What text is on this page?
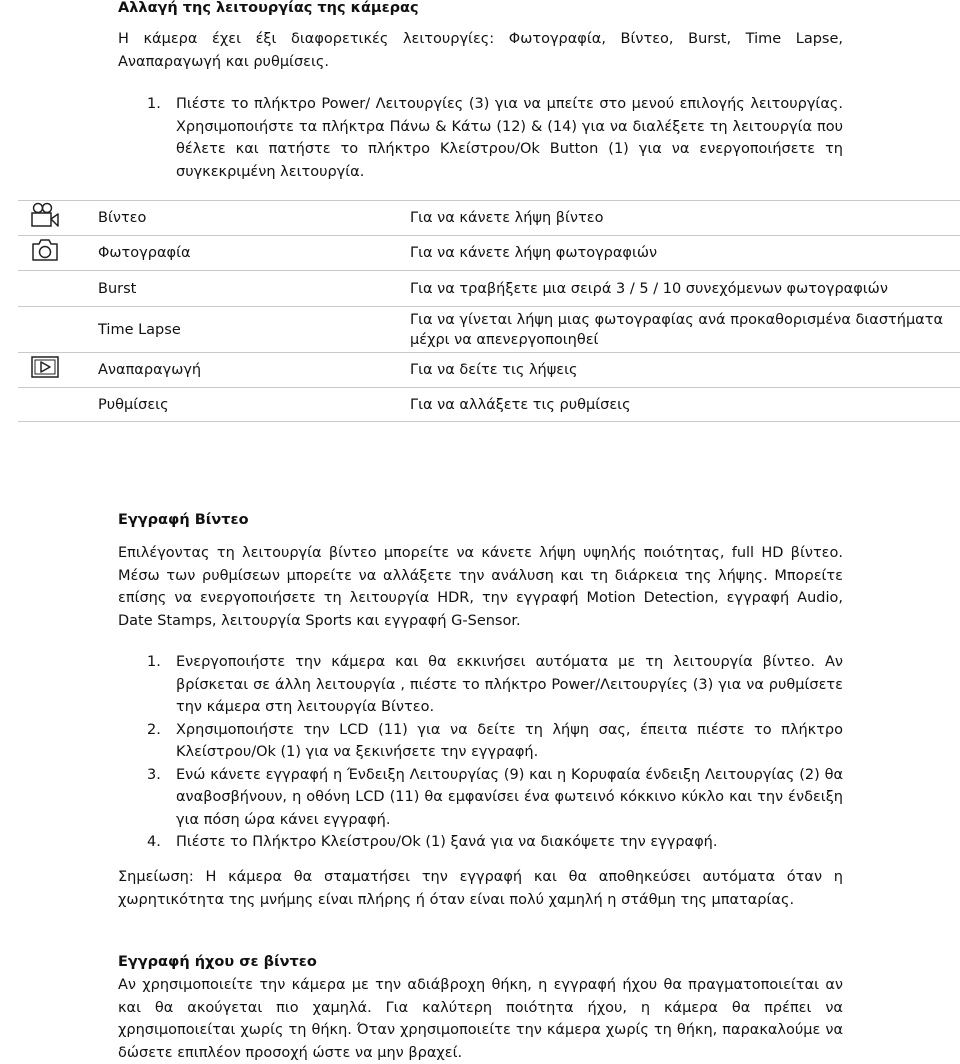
Αλλαγή της λειτουργίας της κάμερας
Η κάμερα έχει έξι διαφορετικές λειτουργίες: Φωτογραφία, Βίντεο, Burst, Time Lapse, Αναπαραγωγή και ρυθμίσεις.
1. Πιέστε το πλήκτρο Power/ Λειτουργίες (3) για να μπείτε στο μενού επιλογής λειτουργίας. Χρησιμοποιήστε τα πλήκτρα Πάνω & Κάτω (12) & (14) για να διαλέξετε τη λειτουργία που θέλετε και πατήστε το πλήκτρο Κλείστρου/Ok Button (1) για να ενεργοποιήσετε τη συγκεκριμένη λειτουργία.
	Βίντεο	Για να κάνετε λήψη βίντεο

	Φωτογραφία	Για να κάνετε λήψη φωτογραφιών
	Burst	Για να τραβήξετε μια σειρά 3 / 5 / 10 συνεχόμενων φωτογραφιών
	Time Lapse	Για να γίνεται λήψη μιας φωτογραφίας ανά προκαθορισμένα διαστήματα μέχρι να απενεργοποιηθεί

	Αναπαραγωγή	Για να δείτε τις λήψεις
	Ρυθμίσεις	Για να αλλάξετε τις ρυθμίσεις
Εγγραφή Βίντεο
Επιλέγοντας τη λειτουργία βίντεο μπορείτε να κάνετε λήψη υψηλής ποιότητας, full HD βίντεο. Μέσω των ρυθμίσεων μπορείτε να αλλάξετε την ανάλυση και τη διάρκεια της λήψης. Μπορείτε επίσης να ενεργοποιήσετε τη λειτουργία HDR, την εγγραφή Motion Detection, εγγραφή Audio, Date Stamps, λειτουργία Sports και εγγραφή G-Sensor.
1. Ενεργοποιήστε την κάμερα και θα εκκινήσει αυτόματα με τη λειτουργία βίντεο. Αν βρίσκεται σε άλλη λειτουργία , πιέστε το πλήκτρο Power/Λειτουργίες (3) για να ρυθμίσετε την κάμερα στη λειτουργία Βίντεο.
2. Χρησιμοποιήστε την LCD (11) για να δείτε τη λήψη σας, έπειτα πιέστε το πλήκτρο Κλείστρου/Ok (1) για να ξεκινήσετε την εγγραφή.
3. Ενώ κάνετε εγγραφή η Ένδειξη Λειτουργίας (9) και η Κορυφαία ένδειξη Λειτουργίας (2) θα αναβοσβήνουν, η οθόνη LCD (11) θα εμφανίσει ένα φωτεινό κόκκινο κύκλο και την ένδειξη για πόση ώρα κάνει εγγραφή.
4. Πιέστε το Πλήκτρο Κλείστρου/Ok (1) ξανά για να διακόψετε την εγγραφή.
Σημείωση: Η κάμερα θα σταματήσει την εγγραφή και θα αποθηκεύσει αυτόματα όταν η χωρητικότητα της μνήμης είναι πλήρης ή όταν είναι πολύ χαμηλή η στάθμη της μπαταρίας.
Εγγραφή ήχου σε βίντεο
Αν χρησιμοποιείτε την κάμερα με την αδιάβροχη θήκη, η εγγραφή ήχου θα πραγματοποιείται αν και θα ακούγεται πιο χαμηλά. Για καλύτερη ποιότητα ήχου, η κάμερα θα πρέπει να χρησιμοποιείται χωρίς τη θήκη. Όταν χρησιμοποιείτε την κάμερα χωρίς τη θήκη, παρακαλούμε να δώσετε επιπλέον προσοχή ώστε να μην βραχεί.
